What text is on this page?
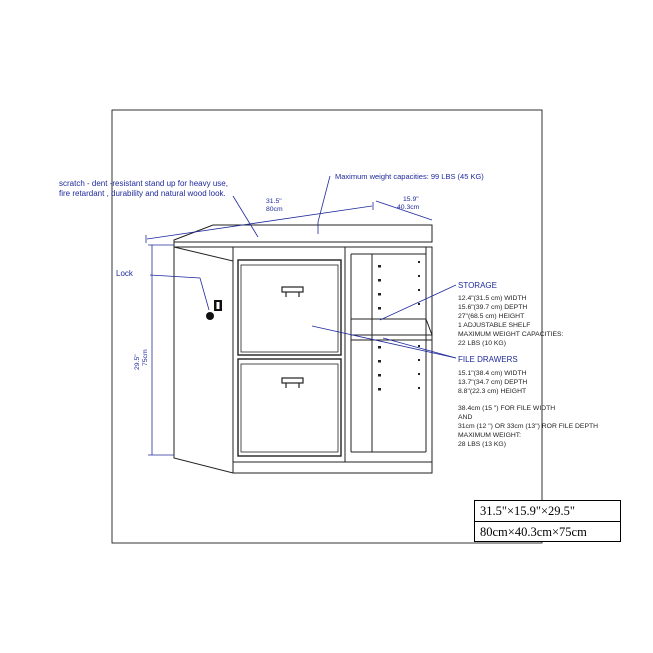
scratch - dent -resistant stand up for heavy use,
fire retardant , durability and natural wood look.
Maximum weight capacities: 99 LBS (45 KG)
31.5"
80cm
15.9"
40.3cm
29.5" 75cm
Lock
STORAGE
12.4"(31.5 cm) WIDTH
15.6"(39.7 cm) DEPTH
27"(68.5 cm) HEIGHT
1 ADJUSTABLE SHELF
MAXIMUM WEIGHT CAPACITIES:
22 LBS (10 KG)
FILE DRAWERS
15.1"(38.4 cm) WIDTH
13.7"(34.7 cm) DEPTH
8.8"(22.3 cm) HEIGHT
38.4cm (15 ") FOR FILE WIDTH
AND
31cm (12 ") OR 33cm (13") ROR FILE DEPTH
MAXIMUM WEIGHT:
28 LBS (13 KG)
31.5"×15.9"×29.5"
80cm×40.3cm×75cm
